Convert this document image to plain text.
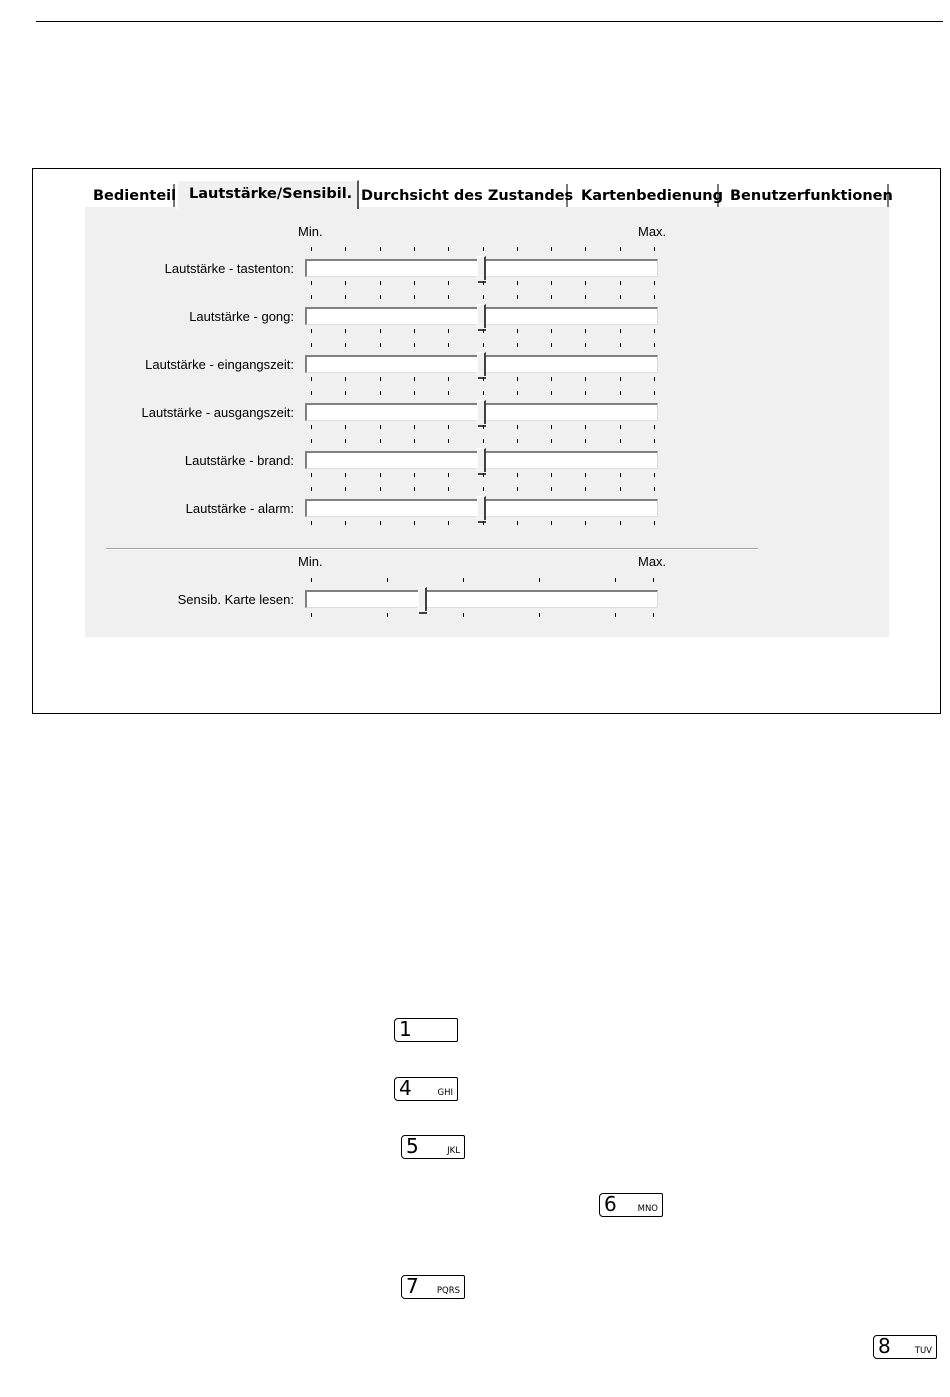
Bedienteil Lautstärke/Sensibil. Durchsicht des Zustandes Kartenbedienung Benutzerfunktionen
Min.	Max.
Lautstärke - tastenton:
Lautstärke - gong:
Lautstärke - eingangszeit:
Lautstärke - ausgangszeit:
Lautstärke - brand:
Lautstärke - alarm:
Min.	Max.
Sensib. Karte lesen:
1
4	GHI
5	JKL
6 MNO
7 PQRS
8	TUV
